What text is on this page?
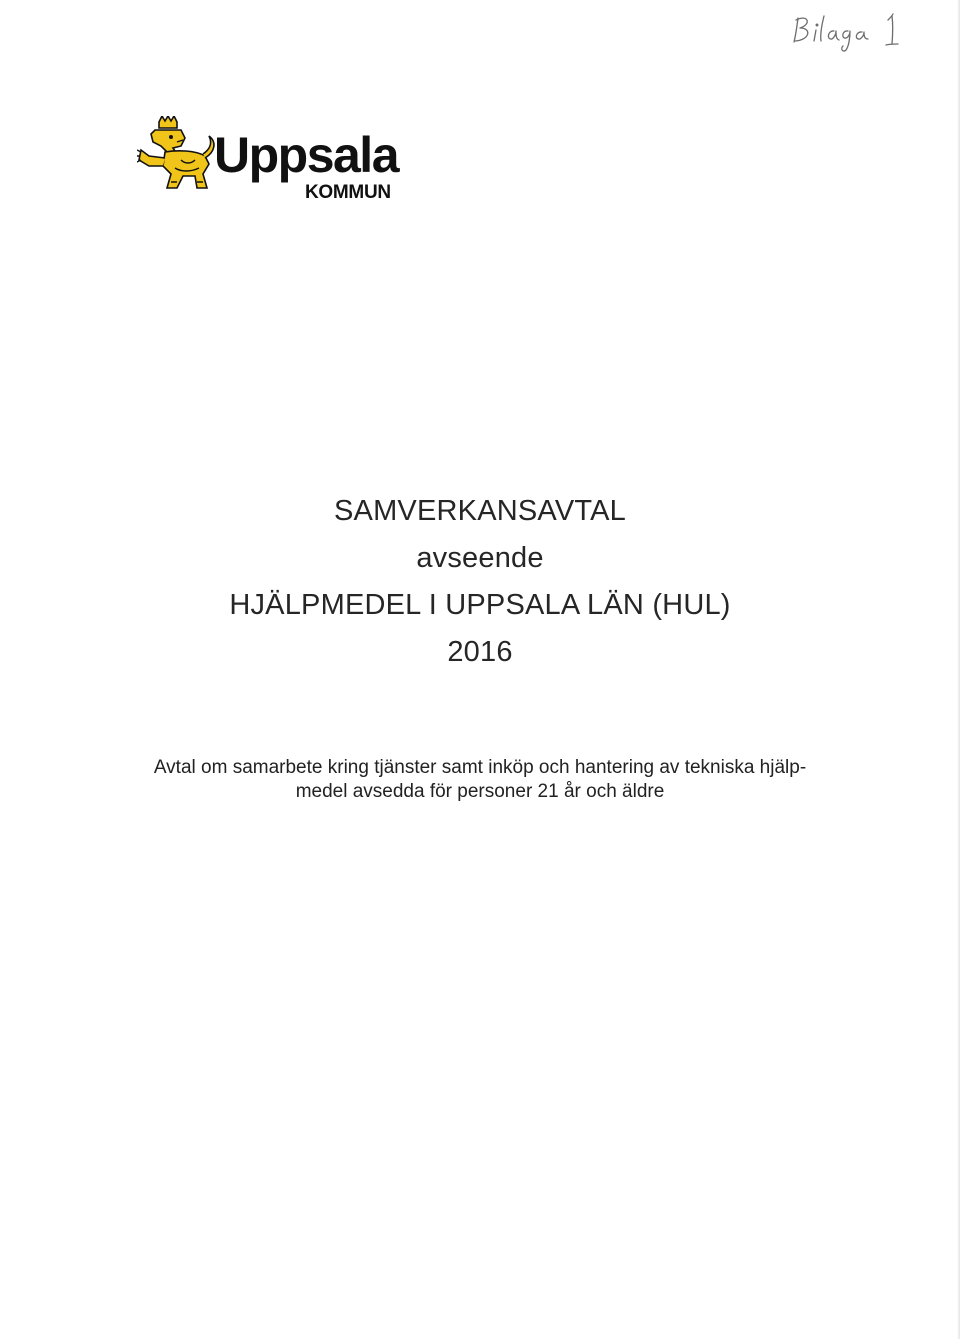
Uppsala
KOMMUN
SAMVERKANSAVTAL
avseende
HJÄLPMEDEL I UPPSALA LÄN (HUL)
2016
Avtal om samarbete kring tjänster samt inköp och hantering av tekniska hjälp-
medel avsedda för personer 21 år och äldre
